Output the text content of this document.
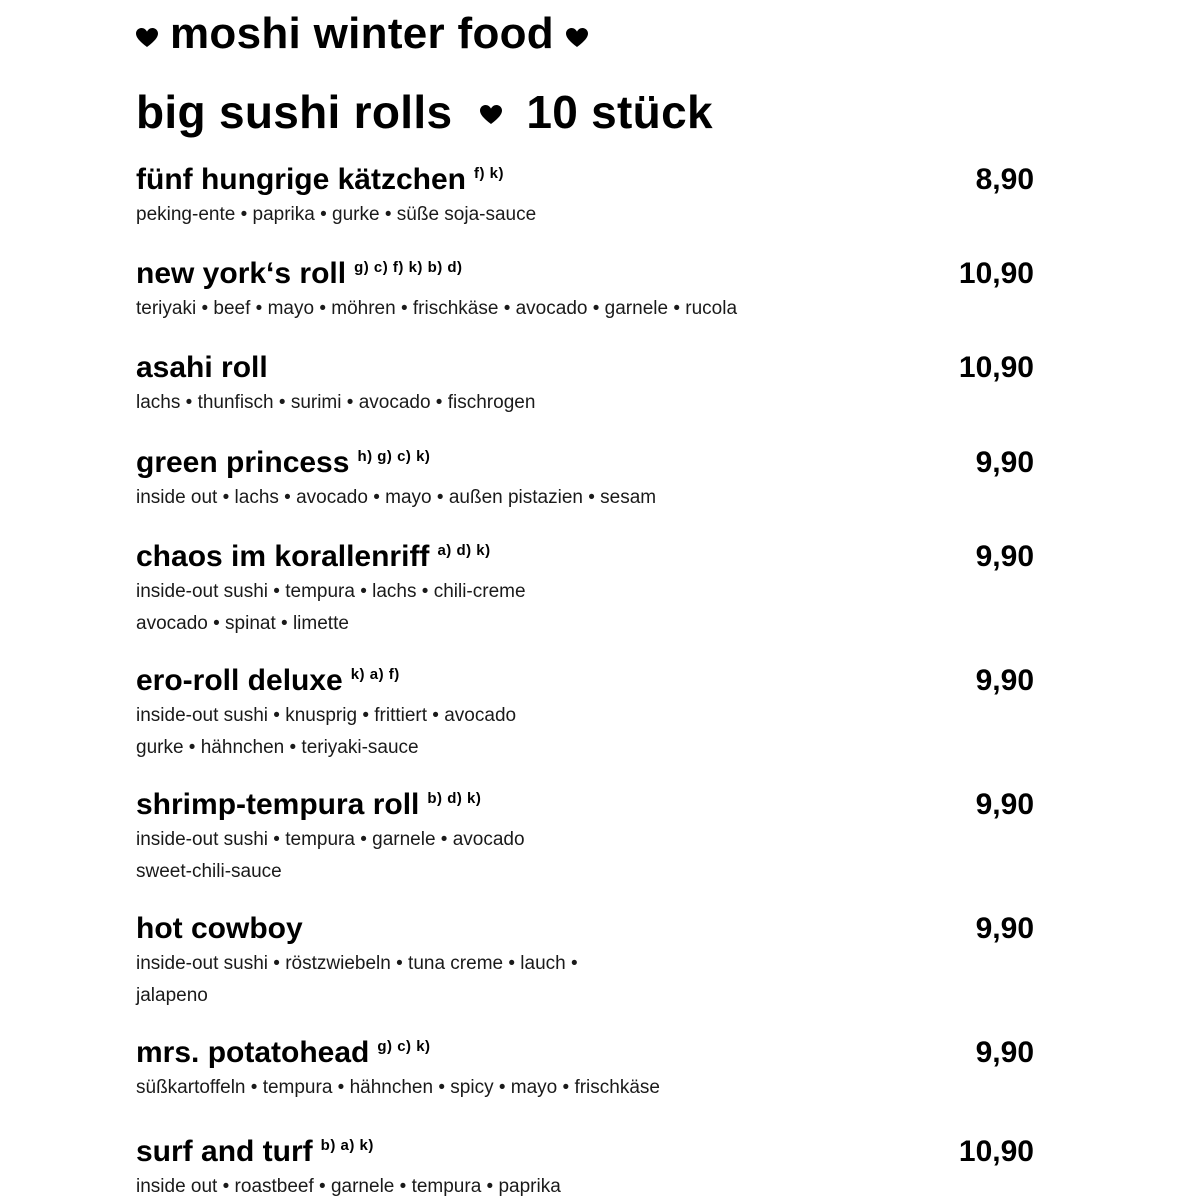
moshi winter food
big sushi rolls 10 stück
fünf hungrige kätzchen $^{f) k)}$	8,90
peking-ente • paprika • gurke • süße soja-sauce
new york‘s roll $^{g) c) f) k) b) d)}$	10,90
teriyaki • beef • mayo • möhren • frischkäse • avocado • garnele • rucola
asahi roll	10,90
lachs • thunfisch • surimi • avocado • fischrogen
green princess $^{h) g) c) k)}$	9,90
inside out • lachs • avocado • mayo • außen pistazien • sesam
chaos im korallenriff $^{a) d) k)}$	9,90
inside-out sushi • tempura • lachs • chili-creme
avocado • spinat • limette
ero-roll deluxe $^{k) a) f)}$	9,90
inside-out sushi • knusprig • frittiert • avocado
gurke • hähnchen • teriyaki-sauce
shrimp-tempura roll $^{b) d) k)}$	9,90
inside-out sushi • tempura • garnele • avocado
sweet-chili-sauce
hot cowboy	9,90
inside-out sushi • röstzwiebeln • tuna creme • lauch •
jalapeno
mrs. potatohead $^{g) c) k)}$	9,90
süßkartoffeln • tempura • hähnchen • spicy • mayo • frischkäse
surf and turf $^{b) a) k)}$	10,90
inside out • roastbeef • garnele • tempura • paprika
